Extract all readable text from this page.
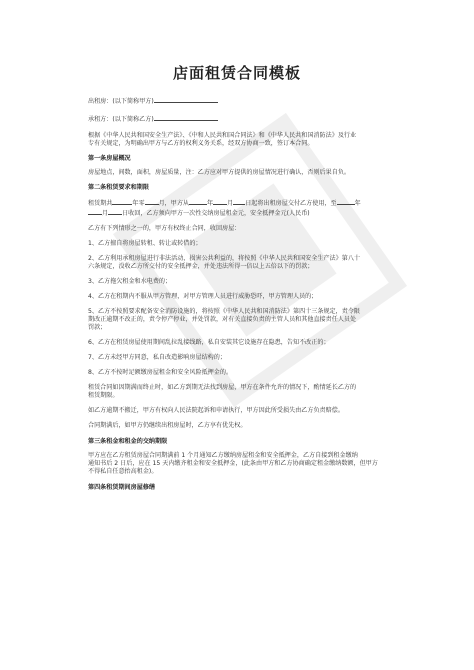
店面租赁合同模板
出租房：(以下简称甲方)
承租方：(以下简称乙方)
根据《中华人民共和国安全生产法》、《中和人民共和国合同法》和《中华人民共和国消防法》及行业
专有关规定，为明确出甲方与乙方的权利义务关系，经双方协商一致，签订本合同。
第一条房屋概况
房屋地点，间数，面积，房屋质量，注：乙方应对甲方提供的房屋情况进行确认，否则后果自负。
第二条租赁要求和期限
租赁期共	年零 月，甲方从	年 月 日起将出租房屋交付乙方使用，至	年
月 日收回，乙方须向甲方一次性交纳房屋租金元，安全抵押金元(人民币)
乙方有下列情形之一的，甲方有权终止合同，收回房屋：
1、乙方擅自将房屋转租、转让或转借的；
2、乙方利用承租房屋进行非法活动，损害公共利益的，将按照《中华人民共和国安全生产法》第八十
六条规定，没收乙方所交付的安全抵押金，并处违法所得一倍以上五倍以下的罚款；
3、乙方拖欠租金和水电费的；
4、乙方在租期内不服从甲方管理，对甲方管理人员进行威胁恐吓，甲方管理人员的；
5、乙方不按照要求配备安全消防设施的，将按照《中华人民共和国消防法》第四十三条规定，责令限
期改正逾期不改正的，责令停产停业，并处罚款，对有关直接负责的主管人员和其他直接责任人员处
罚款；
6、乙方在租赁房屋使用期间乱拉乱接线路，私自安装其它设施存在隐患，告知不改正的；
7、乙方未经甲方同意，私自改造影响房屋结构的；
8、乙方不按时足额缴房屋租金和安全风险抵押金的。
租赁合同如因期满而终止时，如乙方到期无法找到房屋，甲方在条件允许的情况下，酌情延长乙方的
租赁期限。
如乙方逾期不搬迁，甲方有权向人民法院起诉和申请执行，甲方因此所受损失由乙方负责赔偿。
合同期满后，如甲方仍继续出租房屋时，乙方享有优先权。
第三条租金和租金的交纳期限
甲方应在乙方租赁房屋合同期满前 1 个月通知乙方缴纳房屋租金和安全抵押金，乙方自接到租金缴纳
通知书后 2 日后，应在 15 天内缴齐租金和安全抵押金，(此条由甲方和乙方协商确定租金缴纳数额，但甲方
不得私自任意抬高租金)。
第四条租赁期间房屋修缮
